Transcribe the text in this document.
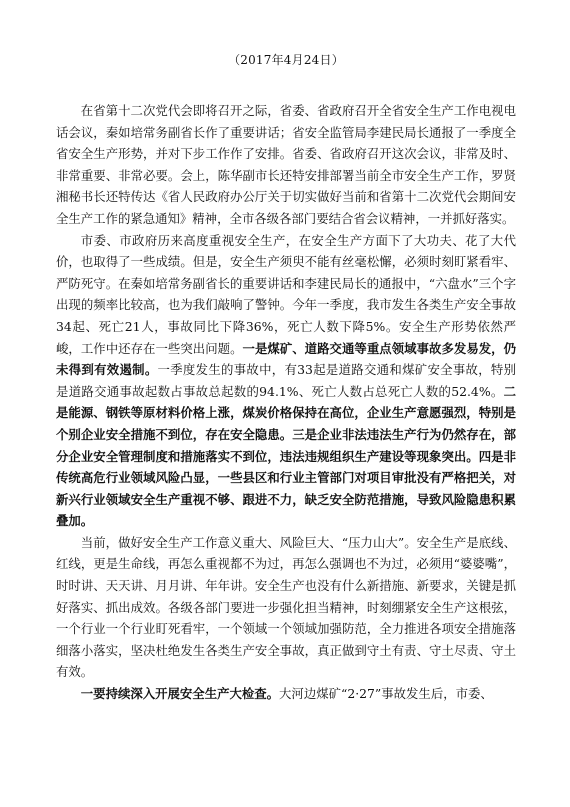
（2017年4月24日）

在省第十二次党代会即将召开之际，省委、省政府召开全省安全生产工作电视电话会议，秦如培常务副省长作了重要讲话；省安全监管局李建民局长通报了一季度全省安全生产形势，并对下步工作作了安排。省委、省政府召开这次会议，非常及时、非常重要、非常必要。会上，陈华副市长还特安排部署当前全市安全生产工作，罗贤湘秘书长还特传达《省人民政府办公厅关于切实做好当前和省第十二次党代会期间安全生产工作的紧急通知》精神，全市各级各部门要结合省会议精神，一并抓好落实。

市委、市政府历来高度重视安全生产，在安全生产方面下了大功夫、花了大代价，也取得了一些成绩。但是，安全生产须臾不能有丝毫松懈，必须时刻盯紧看牢、严防死守。在秦如培常务副省长的重要讲话和李建民局长的通报中，“六盘水”三个字出现的频率比较高，也为我们敲响了警钟。今年一季度，我市发生各类生产安全事故34起、死亡21人，事故同比下降36%，死亡人数下降5%。安全生产形势依然严峻，工作中还存在一些突出问题。一是煤矿、道路交通等重点领域事故多发易发，仍未得到有效遏制。一季度发生的事故中，有33起是道路交通和煤矿安全事故，特别是道路交通事故起数占事故总起数的94.1%、死亡人数占总死亡人数的52.4%。二是能源、钢铁等原材料价格上涨，煤炭价格保持在高位，企业生产意愿强烈，特别是个别企业安全措施不到位，存在安全隐患。三是企业非法违法生产行为仍然存在，部分企业安全管理制度和措施落实不到位，违法违规组织生产建设等现象突出。四是非传统高危行业领域风险凸显，一些县区和行业主管部门对项目审批没有严格把关，对新兴行业领域安全生产重视不够、跟进不力，缺乏安全防范措施，导致风险隐患积累叠加。

当前，做好安全生产工作意义重大、风险巨大、“压力山大”。安全生产是底线、红线，更是生命线，再怎么重视都不为过，再怎么强调也不为过，必须用“婆婆嘴”，时时讲、天天讲、月月讲、年年讲。安全生产也没有什么新措施、新要求，关键是抓好落实、抓出成效。各级各部门要进一步强化担当精神，时刻绷紧安全生产这根弦，一个行业一个行业盯死看牢，一个领域一个领域加强防范，全力推进各项安全措施落细落小落实，坚决杜绝发生各类生产安全事故，真正做到守土有责、守土尽责、守土有效。

一要持续深入开展安全生产大检查。大河边煤矿“2·27”事故发生后，市委、
